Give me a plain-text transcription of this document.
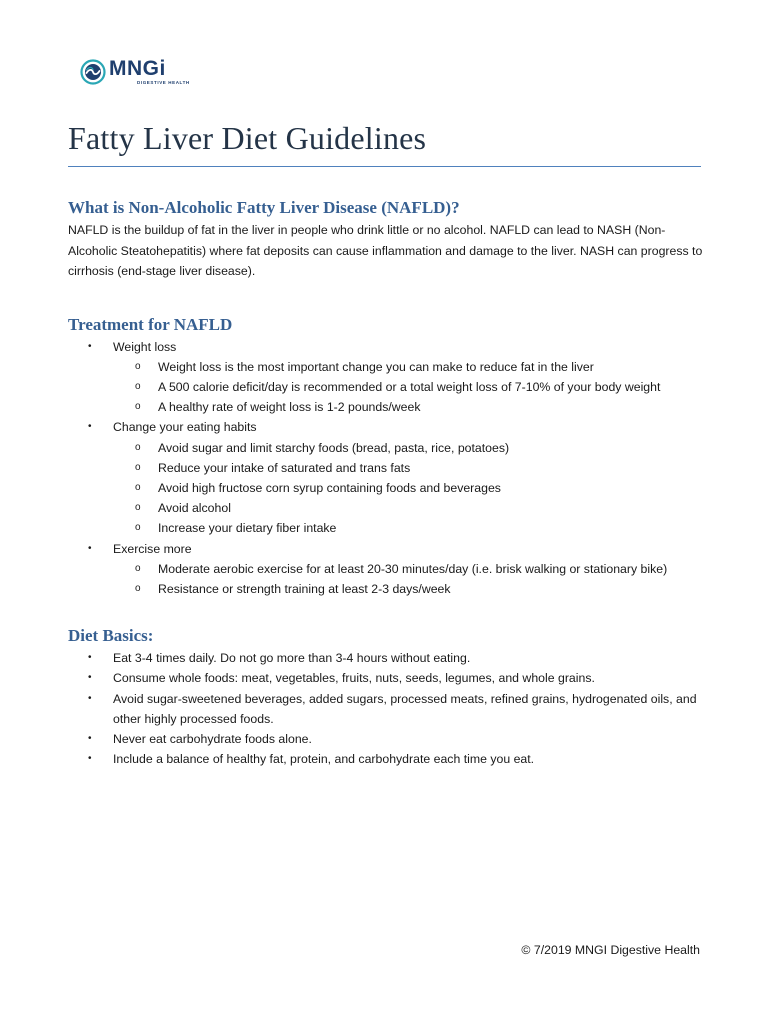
MNGi
DIGESTIVE HEALTH
Fatty Liver Diet Guidelines
What is Non-Alcoholic Fatty Liver Disease (NAFLD)?

NAFLD is the buildup of fat in the liver in people who drink little or no alcohol. NAFLD can lead to NASH (Non-Alcoholic Steatohepatitis) where fat deposits can cause inflammation and damage to the liver. NASH can progress to cirrhosis (end-stage liver disease).

Treatment for NAFLD
• Weight loss
o Weight loss is the most important change you can make to reduce fat in the liver
o A 500 calorie deficit/day is recommended or a total weight loss of 7-10% of your body weight
o A healthy rate of weight loss is 1-2 pounds/week
• Change your eating habits
o Avoid sugar and limit starchy foods (bread, pasta, rice, potatoes)
o Reduce your intake of saturated and trans fats
o Avoid high fructose corn syrup containing foods and beverages
o Avoid alcohol
o Increase your dietary fiber intake
• Exercise more
o Moderate aerobic exercise for at least 20-30 minutes/day (i.e. brisk walking or stationary bike)
o Resistance or strength training at least 2-3 days/week
Diet Basics:
• Eat 3-4 times daily. Do not go more than 3-4 hours without eating.
• Consume whole foods: meat, vegetables, fruits, nuts, seeds, legumes, and whole grains.
• Avoid sugar-sweetened beverages, added sugars, processed meats, refined grains, hydrogenated oils, and other highly processed foods.
• Never eat carbohydrate foods alone.
• Include a balance of healthy fat, protein, and carbohydrate each time you eat.
© 7/2019 MNGI Digestive Health
